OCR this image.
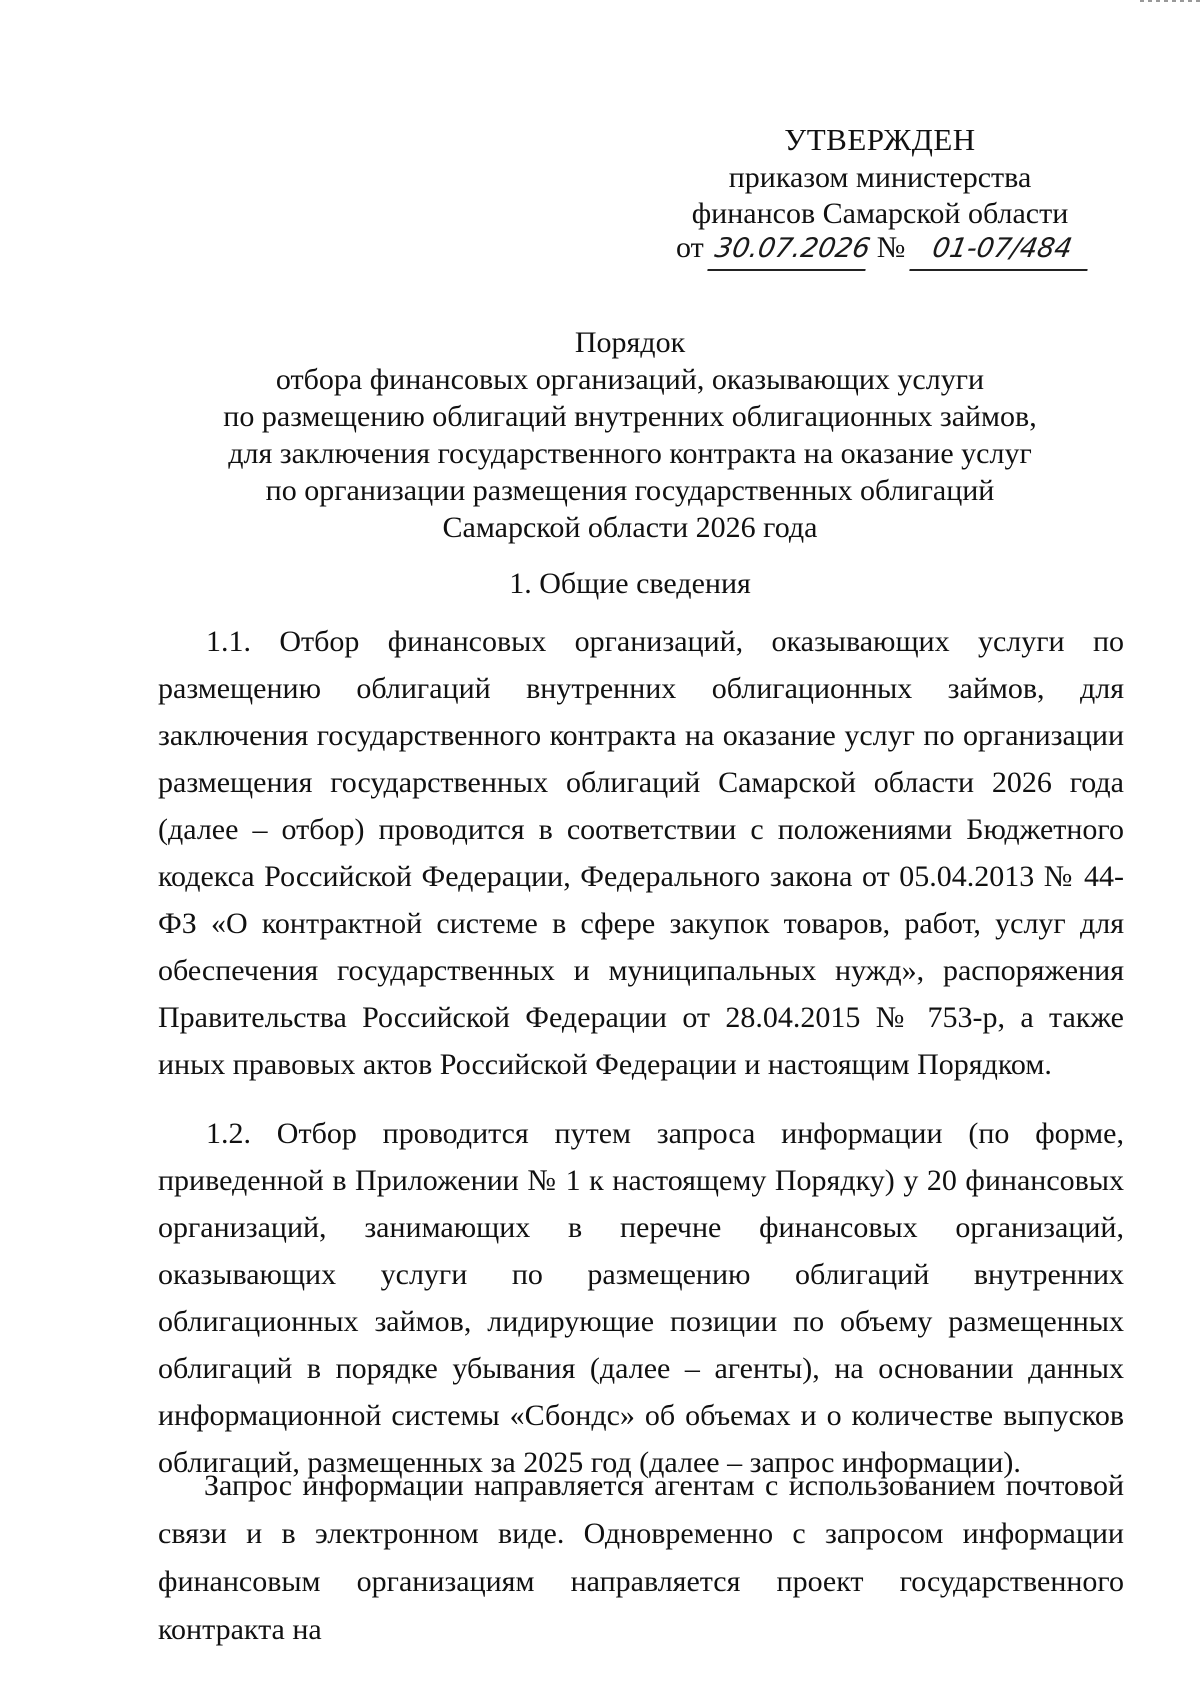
УТВЕРЖДЕН
приказом министерства
финансов Самарской области
от 30.07.2026 № 01-07/484
Порядок
отбора финансовых организаций, оказывающих услуги
по размещению облигаций внутренних облигационных займов,
для заключения государственного контракта на оказание услуг
по организации размещения государственных облигаций
Самарской области 2026 года
1. Общие сведения

1.1. Отбор финансовых организаций, оказывающих услуги по размещению облигаций внутренних облигационных займов, для заключения государственного контракта на оказание услуг по организации размещения государственных облигаций Самарской области 2026 года (далее – отбор) проводится в соответствии с положениями Бюджетного кодекса Российской Федерации, Федерального закона от 05.04.2013 № 44-ФЗ «О контрактной системе в сфере закупок товаров, работ, услуг для обеспечения государственных и муниципальных нужд», распоряжения Правительства Российской Федерации от 28.04.2015 № 753-р, а также иных правовых актов Российской Федерации и настоящим Порядком.

1.2. Отбор проводится путем запроса информации (по форме, приведенной в Приложении № 1 к настоящему Порядку) у 20 финансовых организаций, занимающих в перечне финансовых организаций, оказывающих услуги по размещению облигаций внутренних облигационных займов, лидирующие позиции по объему размещенных облигаций в порядке убывания (далее – агенты), на основании данных информационной системы «Сбондс» об объемах и о количестве выпусков облигаций, размещенных за 2025 год (далее – запрос информации).

Запрос информации направляется агентам с использованием почтовой связи и в электронном виде. Одновременно с запросом информации финансовым организациям направляется проект государственного контракта на
